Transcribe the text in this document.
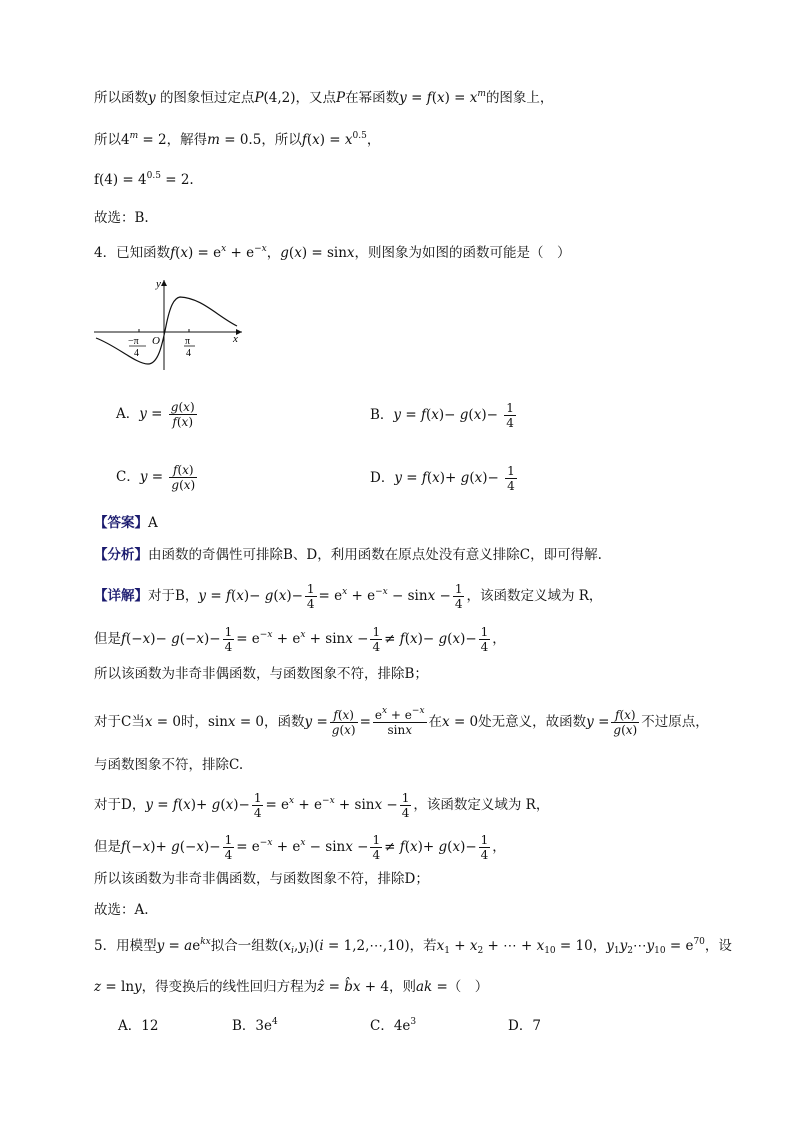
所以函数y 的图象恒过定点P(4,2)，又点P在幂函数$y = f(x) = x^m$的图象上，
所以$4^m = 2$，解得m = 0.5，所以$f(x) = x^{0.5}$，
$f(4) = 4^{0.5} = 2$.
故选：B.
4．已知函数$f(x) = e^x + e^{-x}$，g(x) = sinx，则图象为如图的函数可能是（　）
y
x
O
−π
4
π
4
A．$y = \frac{g(x)}{f(x)}$	B．$y = f(x)- g(x)- \frac{1}{4}$
C．$y = \frac{f(x)}{g(x)}$	D．$y = f(x)+ g(x)- \frac{1}{4}$
【答案】A
【分析】由函数的奇偶性可排除B、D，利用函数在原点处没有意义排除C，即可得解.
【详解】对于B，$y = f(x)- g(x)- \frac{1}{4} = e^x + e^{-x} - \sin x - \frac{1}{4}$ ，该函数定义域为 R，
但是$f(-x)- g(-x)- \frac{1}{4} = e^{-x} + e^x + \sin x - \frac{1}{4} \ne f(x)- g(x)- \frac{1}{4}$ ，
所以该函数为非奇非偶函数，与函数图象不符，排除B；
对于C当x = 0时，sinx = 0，函数$y = \frac{f(x)}{g(x)} = \frac{e^x + e^{-x}}{\sin x}$ 在x = 0处无意义，故函数$y = \frac{f(x)}{g(x)}$ 不过原点，
与函数图象不符，排除C.
对于D，$y = f(x)+ g(x)- \frac{1}{4} = e^x + e^{-x} + \sin x - \frac{1}{4}$ ，该函数定义域为 R，
但是$f(-x)+ g(-x)- \frac{1}{4} = e^{-x} + e^x - \sin x - \frac{1}{4} \ne f(x)+ g(x)- \frac{1}{4}$ ，
所以该函数为非奇非偶函数，与函数图象不符，排除D；
故选：A.
5．用模型$y = ae^{kx}$拟合一组数$(x_i,y_i)(i$ = 1,2,⋯,10)，若$x_1 + x_2$ + ⋯ + $x_{10} = 10$，$y_1y_2\cdots y_{10} = e^{70}$，设
z = lny，得变换后的线性回归方程为ẑ = b̂x + 4，则ak =（　）
A．12	B．$3e^4$	C．$4e^3$	D．7
